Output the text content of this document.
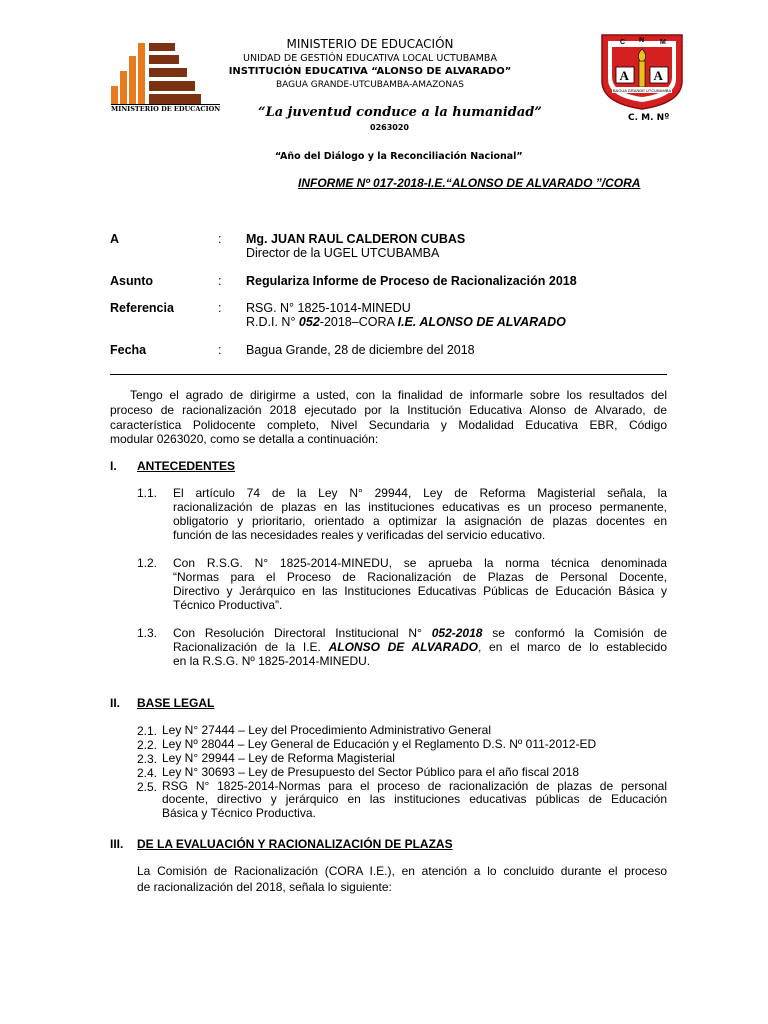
MINISTERIO DE EDUCACION
C N M
A A
BAGUA GRANDE UTCUBAMBA
C. M. Nº
MINISTERIO DE EDUCACIÓN
UNIDAD DE GESTIÓN EDUCATIVA LOCAL UCTUBAMBA
INSTITUCIÓN EDUCATIVA “ALONSO DE ALVARADO”
BAGUA GRANDE-UTCUBAMBA-AMAZONAS
“La juventud conduce a la humanidad”
0263020
“Año del Diálogo y la Reconciliación Nacional”
INFORME Nº 017-2018-I.E.“ALONSO DE ALVARADO ”/CORA
A	: Mg. JUAN RAUL CALDERON CUBAS
Director de la UGEL UTCUBAMBA
Asunto	: Regulariza Informe de Proceso de Racionalización 2018
Referencia	: RSG. N° 1825-1014-MINEDU
R.D.I. N° 052-2018–CORA I.E. ALONSO DE ALVARADO
Fecha	: Bagua Grande, 28 de diciembre del 2018
Tengo el agrado de dirigirme a usted, con la finalidad de informarle sobre los resultados del
proceso de racionalización 2018 ejecutado por la Institución Educativa Alonso de Alvarado, de
característica Polidocente completo, Nivel Secundaria y Modalidad Educativa EBR, Código
modular 0263020, como se detalla a continuación:
I. ANTECEDENTES
1.1. El artículo 74 de la Ley N° 29944, Ley de Reforma Magisterial señala, la
racionalización de plazas en las instituciones educativas es un proceso permanente,
obligatorio y prioritario, orientado a optimizar la asignación de plazas docentes en
función de las necesidades reales y verificadas del servicio educativo.
1.2. Con R.S.G. N° 1825-2014-MINEDU, se aprueba la norma técnica denominada
“Normas para el Proceso de Racionalización de Plazas de Personal Docente,
Directivo y Jerárquico en las Instituciones Educativas Públicas de Educación Básica y
Técnico Productiva”.
1.3. Con Resolución Directoral Institucional N° 052-2018 se conformó la Comisión de
Racionalización de la I.E. ALONSO DE ALVARADO, en el marco de lo establecido
en la R.S.G. Nº 1825-2014-MINEDU.
II. BASE LEGAL
2.1. Ley N° 27444 – Ley del Procedimiento Administrativo General
2.2. Ley Nº 28044 – Ley General de Educación y el Reglamento D.S. Nº 011-2012-ED
2.3. Ley N° 29944 – Ley de Reforma Magisterial
2.4. Ley N° 30693 – Ley de Presupuesto del Sector Público para el año fiscal 2018
2.5. RSG N° 1825-2014-Normas para el proceso de racionalización de plazas de personal
docente, directivo y jerárquico en las instituciones educativas públicas de Educación
Básica y Técnico Productiva.
III. DE LA EVALUACIÓN Y RACIONALIZACIÓN DE PLAZAS
La Comisión de Racionalización (CORA I.E.), en atención a lo concluido durante el proceso
de racionalización del 2018, señala lo siguiente:
